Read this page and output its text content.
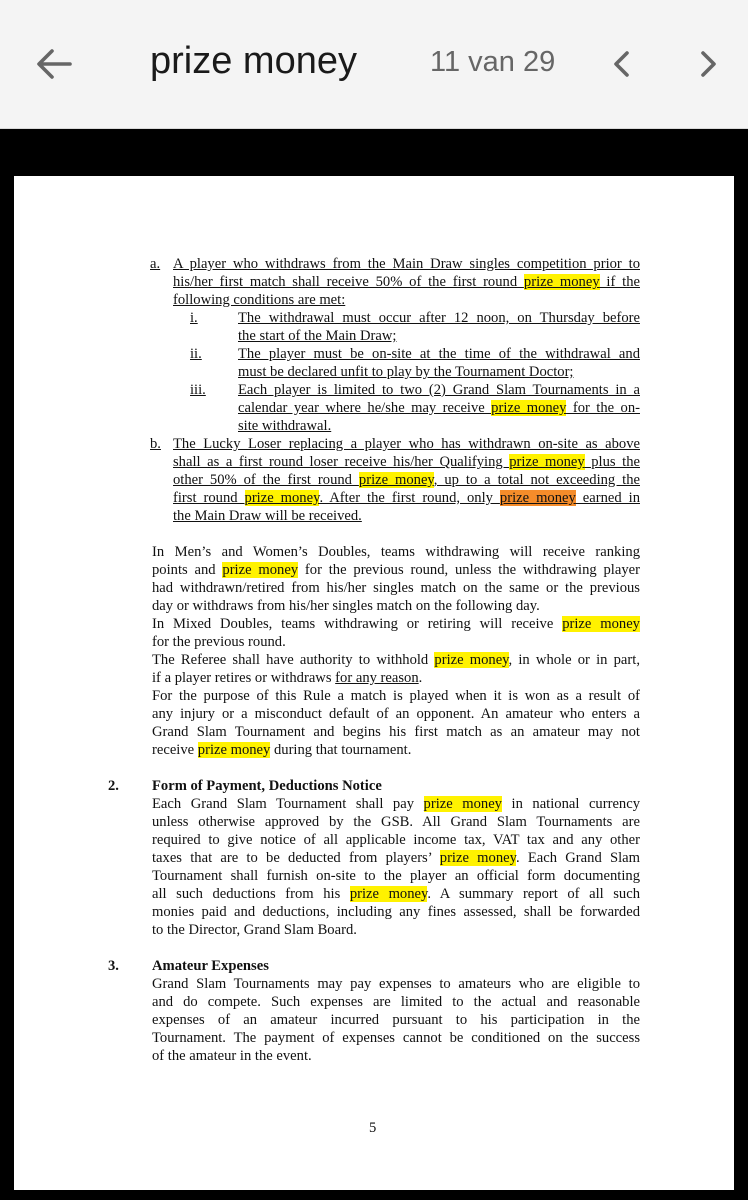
prize money	11 van 29
a. A player who withdraws from the Main Draw singles competition prior to
his/her first match shall receive 50% of the first round prize money if the
following conditions are met:
i.	The withdrawal must occur after 12 noon, on Thursday before
the start of the Main Draw;
ii. The player must be on-site at the time of the withdrawal and
must be declared unfit to play by the Tournament Doctor;
iii. Each player is limited to two (2) Grand Slam Tournaments in a
calendar year where he/she may receive prize money for the on-
site withdrawal.
b. The Lucky Loser replacing a player who has withdrawn on-site as above
shall as a first round loser receive his/her Qualifying prize money plus the
other 50% of the first round prize money, up to a total not exceeding the
first round prize money. After the first round, only prize money earned in
the Main Draw will be received.
In Men’s and Women’s Doubles, teams withdrawing will receive ranking
points and prize money for the previous round, unless the withdrawing player
had withdrawn/retired from his/her singles match on the same or the previous
day or withdraws from his/her singles match on the following day.
In Mixed Doubles, teams withdrawing or retiring will receive prize money
for the previous round.
The Referee shall have authority to withhold prize money, in whole or in part,
if a player retires or withdraws for any reason.
For the purpose of this Rule a match is played when it is won as a result of
any injury or a misconduct default of an opponent. An amateur who enters a
Grand Slam Tournament and begins his first match as an amateur may not
receive prize money during that tournament.
2. Form of Payment, Deductions Notice
Each Grand Slam Tournament shall pay prize money in national currency
unless otherwise approved by the GSB. All Grand Slam Tournaments are
required to give notice of all applicable income tax, VAT tax and any other
taxes that are to be deducted from players’ prize money. Each Grand Slam
Tournament shall furnish on-site to the player an official form documenting
all such deductions from his prize money. A summary report of all such
monies paid and deductions, including any fines assessed, shall be forwarded
to the Director, Grand Slam Board.
3. Amateur Expenses
Grand Slam Tournaments may pay expenses to amateurs who are eligible to
and do compete. Such expenses are limited to the actual and reasonable
expenses of an amateur incurred pursuant to his participation in the
Tournament. The payment of expenses cannot be conditioned on the success
of the amateur in the event.
5
